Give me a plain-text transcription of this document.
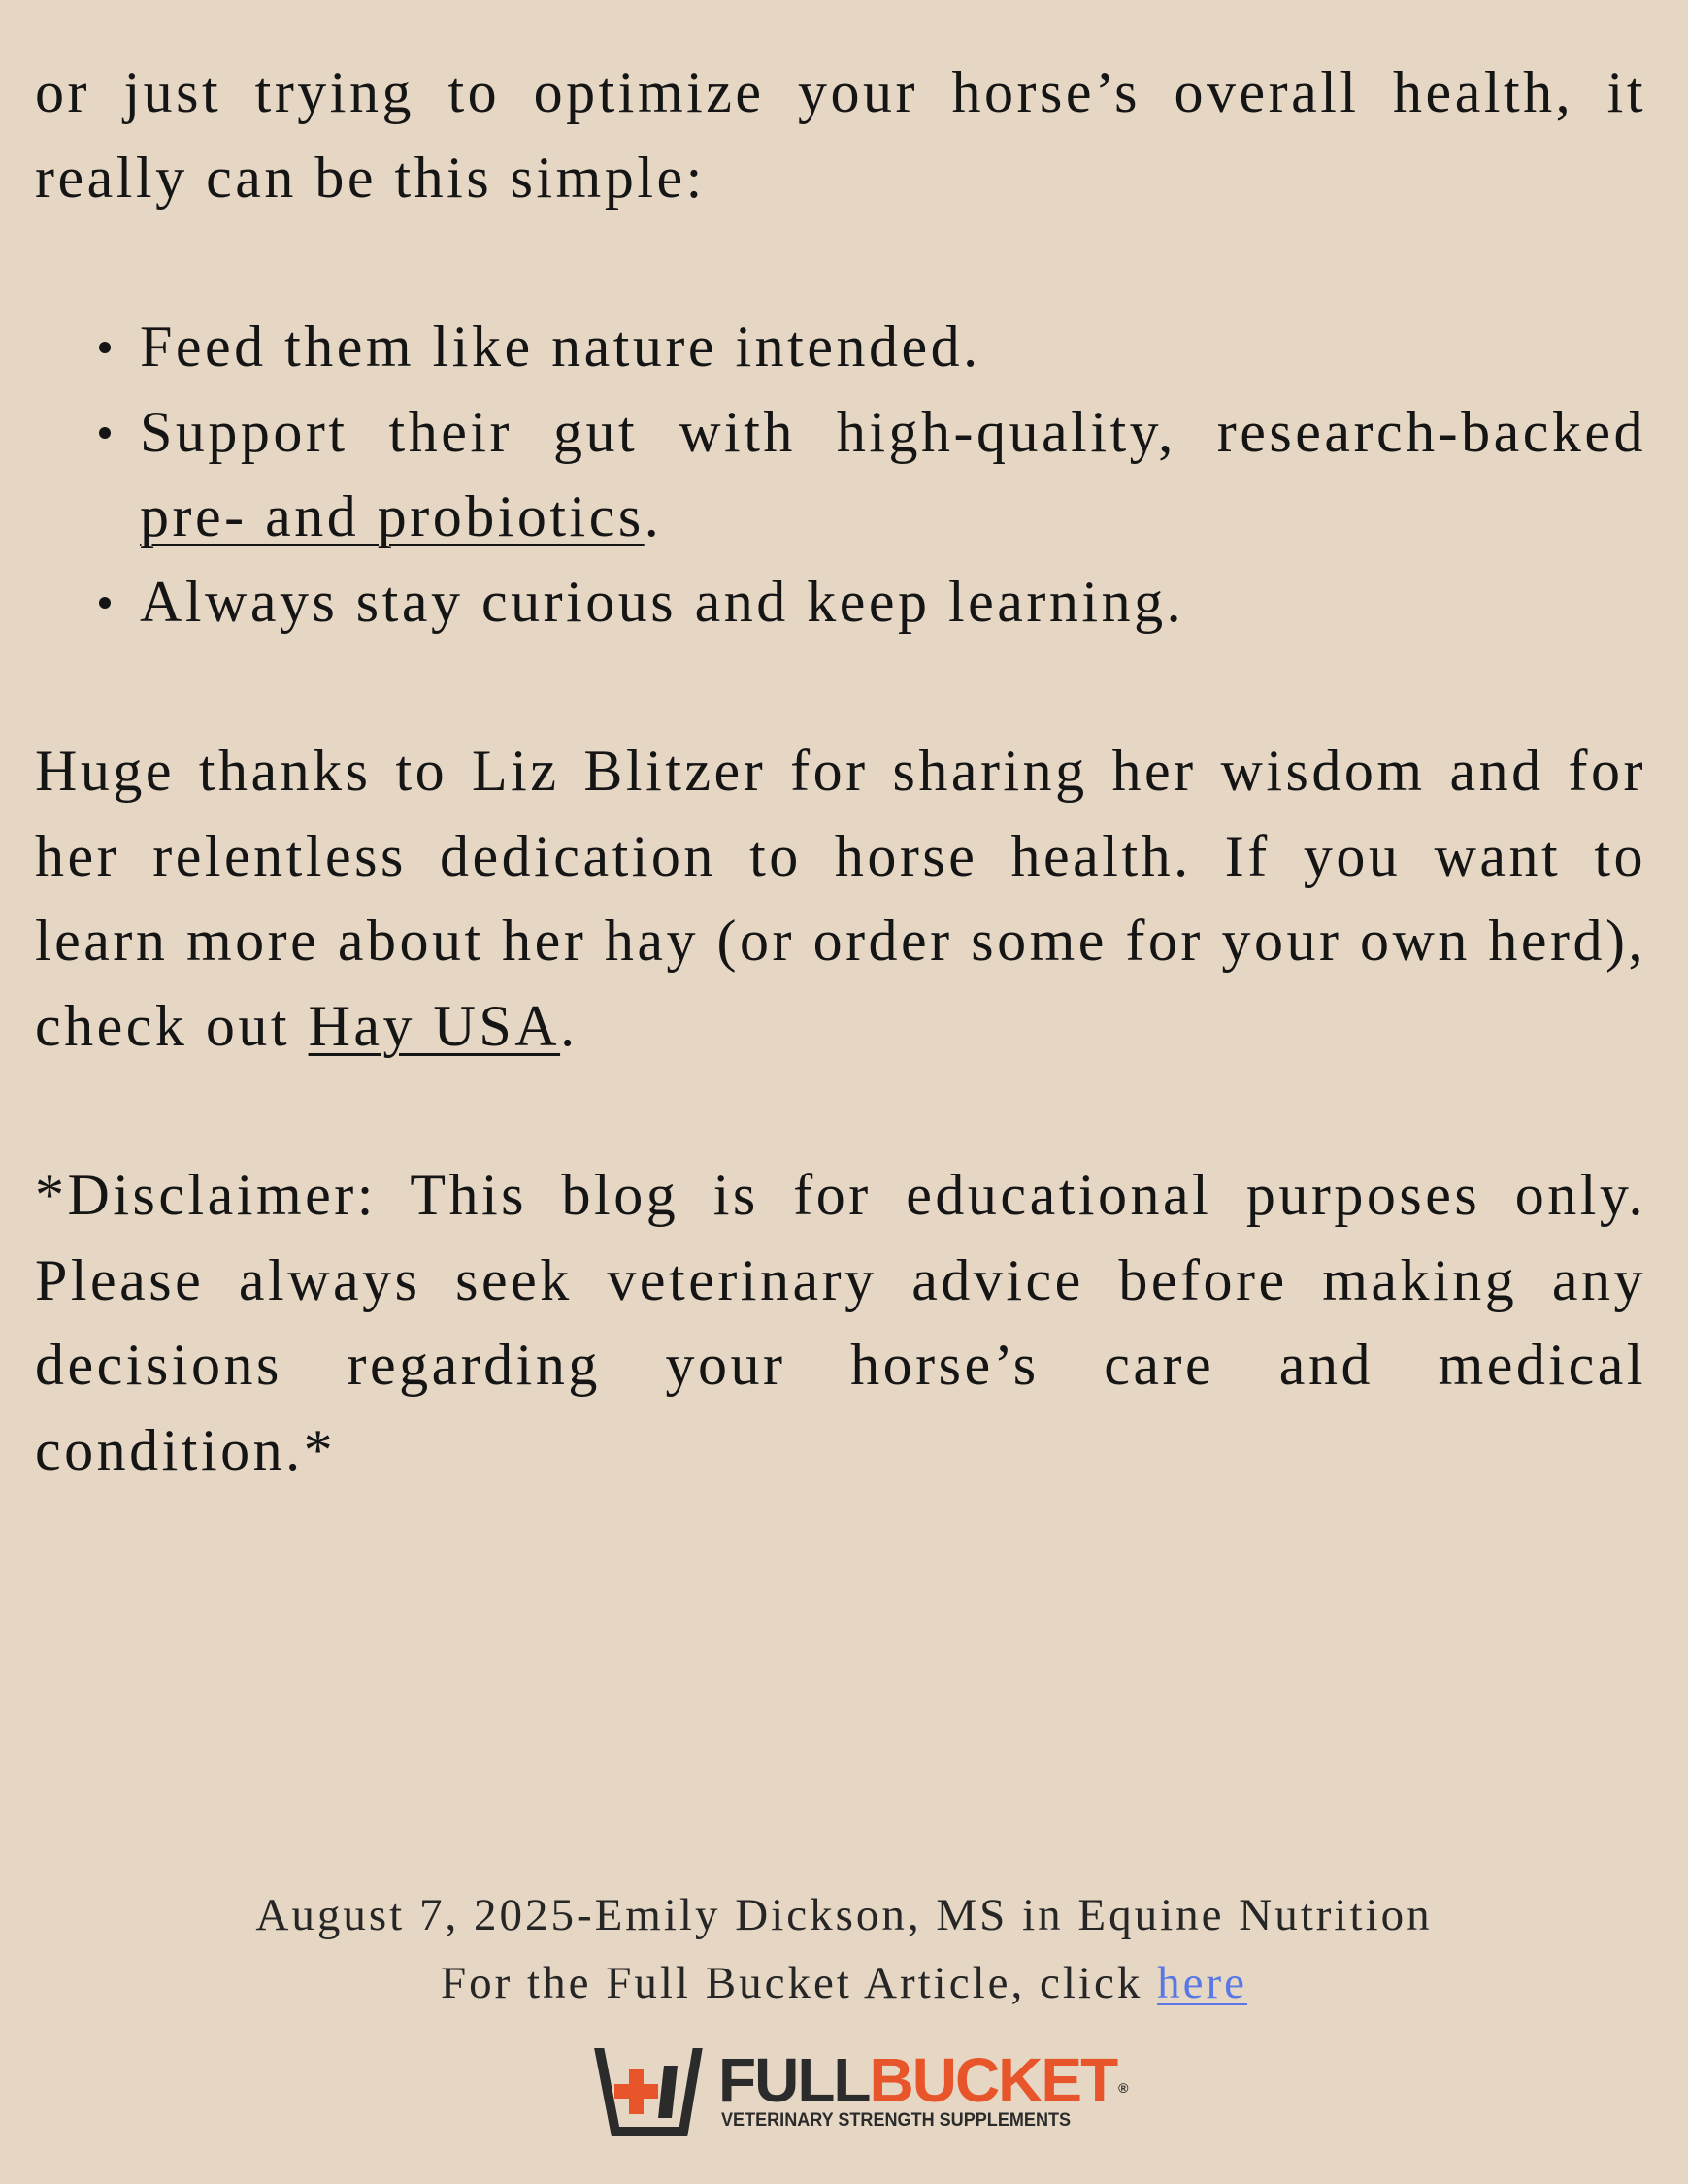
or just trying to optimize your horse’s overall health, it really can be this simple:

Feed them like nature intended.
Support their gut with high-quality, research-backed pre- and probiotics.
Always stay curious and keep learning.

Huge thanks to Liz Blitzer for sharing her wisdom and for her relentless dedication to horse health. If you want to learn more about her hay (or order some for your own herd), check out Hay USA.

*Disclaimer: This blog is for educational purposes only. Please always seek veterinary advice before making any decisions regarding your horse’s care and medical condition.*

August 7, 2025-Emily Dickson, MS in Equine Nutrition
For the Full Bucket Article, click here
FULLBUCKET ®
VETERINARY STRENGTH SUPPLEMENTS
